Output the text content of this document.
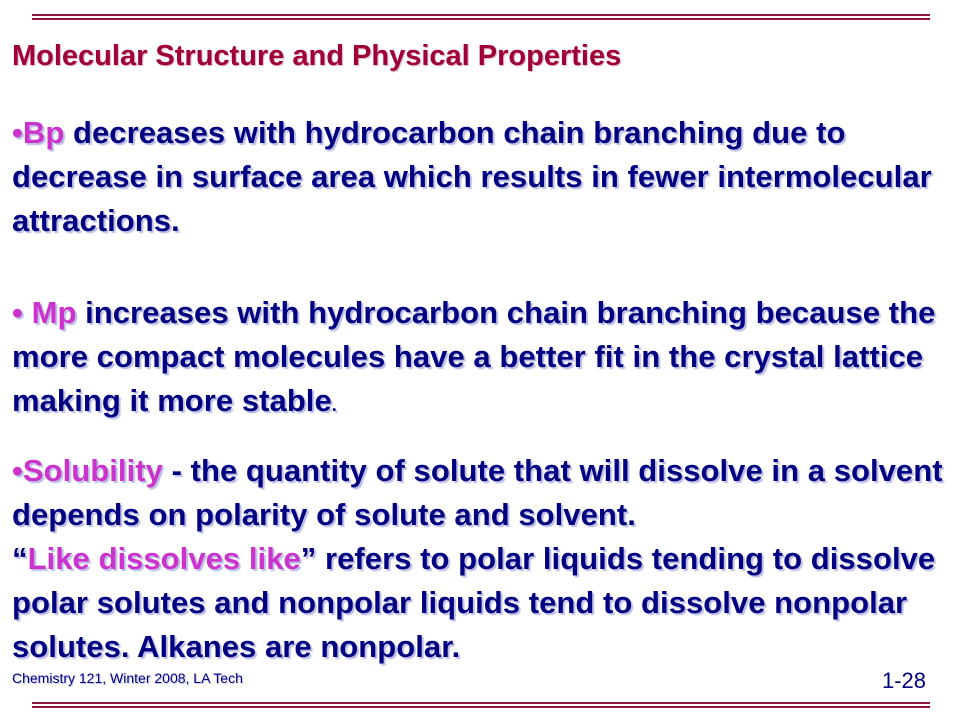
Molecular Structure and Physical Properties
•Bp decreases with hydrocarbon chain branching due to decrease in surface area which results in fewer intermolecular attractions.
• Mp increases with hydrocarbon chain branching because the more compact molecules have a better fit in the crystal lattice making it more stable.
•Solubility - the quantity of solute that will dissolve in a solvent depends on polarity of solute and solvent.
“Like dissolves like” refers to polar liquids tending to dissolve polar solutes and nonpolar liquids tend to dissolve nonpolar solutes. Alkanes are nonpolar.
Chemistry 121, Winter 2008, LA Tech	1-28
